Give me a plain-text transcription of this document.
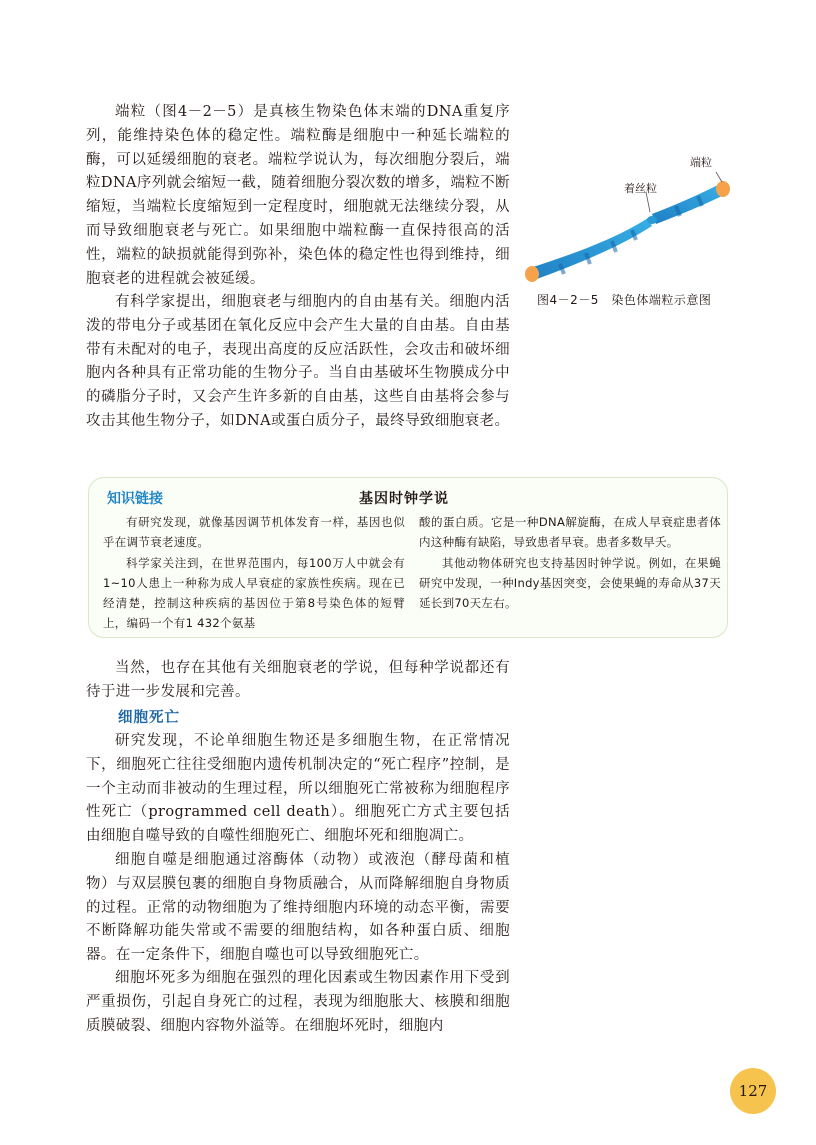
端粒（图4－2－5）是真核生物染色体末端的DNA重复序列，能维持染色体的稳定性。端粒酶是细胞中一种延长端粒的酶，可以延缓细胞的衰老。端粒学说认为，每次细胞分裂后，端粒DNA序列就会缩短一截，随着细胞分裂次数的增多，端粒不断缩短，当端粒长度缩短到一定程度时，细胞就无法继续分裂，从而导致细胞衰老与死亡。如果细胞中端粒酶一直保持很高的活性，端粒的缺损就能得到弥补，染色体的稳定性也得到维持，细胞衰老的进程就会被延缓。

端粒
着丝粒
图4－2－5　染色体端粒示意图

有科学家提出，细胞衰老与细胞内的自由基有关。细胞内活泼的带电分子或基团在氧化反应中会产生大量的自由基。自由基带有未配对的电子，表现出高度的反应活跃性，会攻击和破坏细胞内各种具有正常功能的生物分子。当自由基破坏生物膜成分中的磷脂分子时，又会产生许多新的自由基，这些自由基将会参与攻击其他生物分子，如DNA或蛋白质分子，最终导致细胞衰老。

知识链接	基因时钟学说

有研究发现，就像基因调节机体发育一样，基因也似乎在调节衰老速度。

科学家关注到，在世界范围内，每100万人中就会有1~10人患上一种称为成人早衰症的家族性疾病。现在已经清楚，控制这种疾病的基因位于第8号染色体的短臂上，编码一个有1 432个氨基

酸的蛋白质。它是一种DNA解旋酶，在成人早衰症患者体内这种酶有缺陷，导致患者早衰。患者多数早夭。

其他动物体研究也支持基因时钟学说。例如，在果蝇研究中发现，一种Indy基因突变，会使果蝇的寿命从37天延长到70天左右。

当然，也存在其他有关细胞衰老的学说，但每种学说都还有待于进一步发展和完善。

细胞死亡

研究发现，不论单细胞生物还是多细胞生物，在正常情况下，细胞死亡往往受细胞内遗传机制决定的“死亡程序”控制，是一个主动而非被动的生理过程，所以细胞死亡常被称为细胞程序性死亡（programmed cell death）。细胞死亡方式主要包括由细胞自噬导致的自噬性细胞死亡、细胞坏死和细胞凋亡。

细胞自噬是细胞通过溶酶体（动物）或液泡（酵母菌和植物）与双层膜包裹的细胞自身物质融合，从而降解细胞自身物质的过程。正常的动物细胞为了维持细胞内环境的动态平衡，需要不断降解功能失常或不需要的细胞结构，如各种蛋白质、细胞器。在一定条件下，细胞自噬也可以导致细胞死亡。

细胞坏死多为细胞在强烈的理化因素或生物因素作用下受到严重损伤，引起自身死亡的过程，表现为细胞胀大、核膜和细胞质膜破裂、细胞内容物外溢等。在细胞坏死时，细胞内

127
